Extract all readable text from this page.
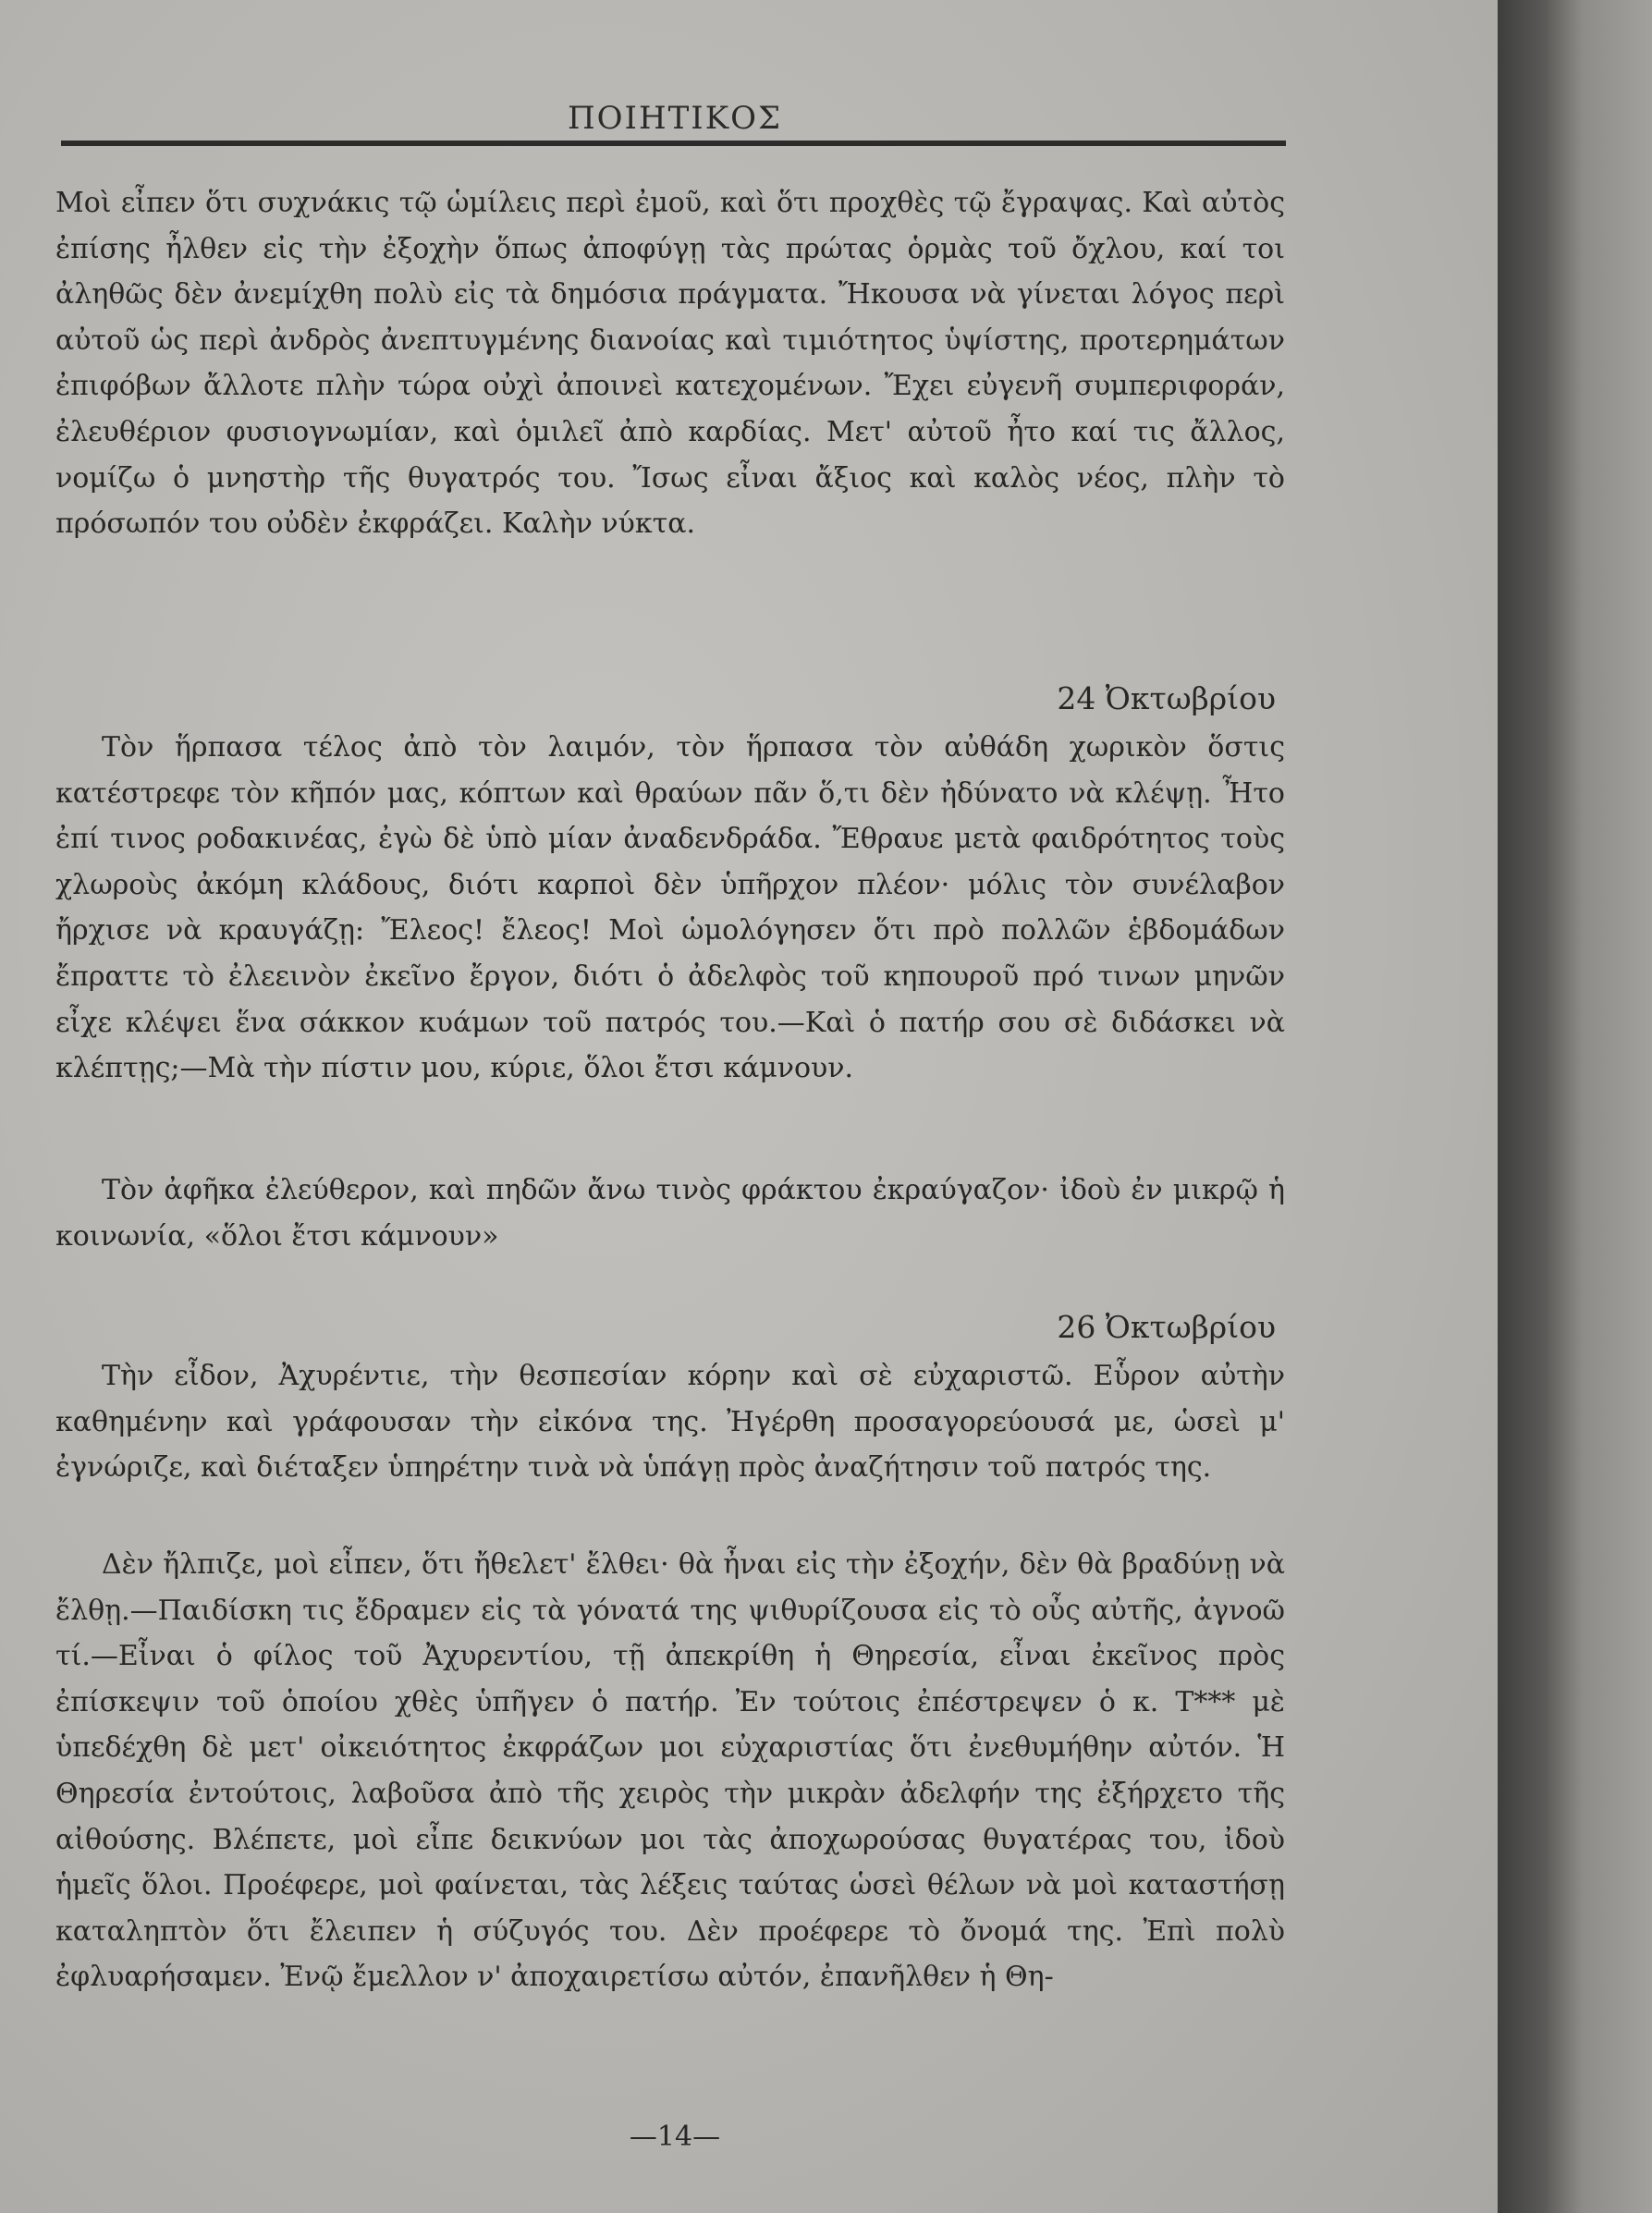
ΠΟΙΗΤΙΚΟΣ

Μοὶ εἶπεν ὅτι συχνάκις τῷ ὡμίλεις περὶ ἐμοῦ, καὶ ὅτι προχθὲς τῷ ἔγραψας. Καὶ αὐτὸς ἐπίσης ἦλθεν εἰς τὴν ἐξοχὴν ὅπως ἀποφύγῃ τὰς πρώτας ὁρμὰς τοῦ ὄχλου, καί τοι ἀληθῶς δὲν ἀνεμίχθη πολὺ εἰς τὰ δημόσια πράγματα. Ἤκουσα νὰ γίνεται λόγος περὶ αὐτοῦ ὡς περὶ ἀνδρὸς ἀνεπτυγμένης διανοίας καὶ τιμιότητος ὑψίστης, προτερημάτων ἐπιφόβων ἄλλοτε πλὴν τώρα οὐχὶ ἀποινεὶ κατεχομένων. Ἔχει εὐγενῆ συμπεριφοράν, ἐλευθέριον φυσιογνωμίαν, καὶ ὁμιλεῖ ἀπὸ καρδίας. Μετ' αὐτοῦ ἦτο καί τις ἄλλος, νομίζω ὁ μνηστὴρ τῆς θυγατρός του. Ἴσως εἶναι ἄξιος καὶ καλὸς νέος, πλὴν τὸ πρόσωπόν του οὐδὲν ἐκφράζει. Καλὴν νύκτα.

24 Ὀκτωβρίου

Τὸν ἥρπασα τέλος ἀπὸ τὸν λαιμόν, τὸν ἥρπασα τὸν αὐθάδη χωρικὸν ὅστις κατέστρεφε τὸν κῆπόν μας, κόπτων καὶ θραύων πᾶν ὅ,τι δὲν ἠδύνατο νὰ κλέψῃ. Ἦτο ἐπί τινος ροδακινέας, ἐγὼ δὲ ὑπὸ μίαν ἀναδενδράδα. Ἔθραυε μετὰ φαιδρότητος τοὺς χλωροὺς ἀκόμη κλάδους, διότι καρποὶ δὲν ὑπῆρχον πλέον· μόλις τὸν συνέλαβον ἤρχισε νὰ κραυγάζῃ: Ἔλεος! ἔλεος! Μοὶ ὡμολόγησεν ὅτι πρὸ πολλῶν ἑβδομάδων ἔπραττε τὸ ἐλεεινὸν ἐκεῖνο ἔργον, διότι ὁ ἀδελφὸς τοῦ κηπουροῦ πρό τινων μηνῶν εἶχε κλέψει ἕνα σάκκον κυάμων τοῦ πατρός του.—Καὶ ὁ πατήρ σου σὲ διδάσκει νὰ κλέπτῃς;—Μὰ τὴν πίστιν μου, κύριε, ὅλοι ἔτσι κάμνουν.

Τὸν ἀφῆκα ἐλεύθερον, καὶ πηδῶν ἄνω τινὸς φράκτου ἐκραύγαζον· ἰδοὺ ἐν μικρῷ ἡ κοινωνία, «ὅλοι ἔτσι κάμνουν»

26 Ὀκτωβρίου

Τὴν εἶδον, Ἀχυρέντιε, τὴν θεσπεσίαν κόρην καὶ σὲ εὐχαριστῶ. Εὗρον αὐτὴν καθημένην καὶ γράφουσαν τὴν εἰκόνα της. Ἠγέρθη προσαγορεύουσά με, ὡσεὶ μ' ἐγνώριζε, καὶ διέταξεν ὑπηρέτην τινὰ νὰ ὑπάγῃ πρὸς ἀναζήτησιν τοῦ πατρός της.

Δὲν ἤλπιζε, μοὶ εἶπεν, ὅτι ἤθελετ' ἔλθει· θὰ ἦναι εἰς τὴν ἐξοχήν, δὲν θὰ βραδύνῃ νὰ ἔλθῃ.—Παιδίσκη τις ἔδραμεν εἰς τὰ γόνατά της ψιθυρίζουσα εἰς τὸ οὖς αὐτῆς, ἀγνοῶ τί.—Εἶναι ὁ φίλος τοῦ Ἀχυρεντίου, τῇ ἀπεκρίθη ἡ Θηρεσία, εἶναι ἐκεῖνος πρὸς ἐπίσκεψιν τοῦ ὁποίου χθὲς ὑπῆγεν ὁ πατήρ. Ἐν τούτοις ἐπέστρεψεν ὁ κ. Τ*** μὲ ὑπεδέχθη δὲ μετ' οἰκειότητος ἐκφράζων μοι εὐχαριστίας ὅτι ἐνεθυμήθην αὐτόν. Ἡ Θηρεσία ἐντούτοις, λαβοῦσα ἀπὸ τῆς χειρὸς τὴν μικρὰν ἀδελφήν της ἐξήρχετο τῆς αἰθούσης. Βλέπετε, μοὶ εἶπε δεικνύων μοι τὰς ἀποχωρούσας θυγατέρας του, ἰδοὺ ἡμεῖς ὅλοι. Προέφερε, μοὶ φαίνεται, τὰς λέξεις ταύτας ὡσεὶ θέλων νὰ μοὶ καταστήσῃ καταληπτὸν ὅτι ἔλειπεν ἡ σύζυγός του. Δὲν προέφερε τὸ ὄνομά της. Ἐπὶ πολὺ ἐφλυαρήσαμεν. Ἐνῷ ἔμελλον ν' ἀποχαιρετίσω αὐτόν, ἐπανῆλθεν ἡ Θη-

—14—
